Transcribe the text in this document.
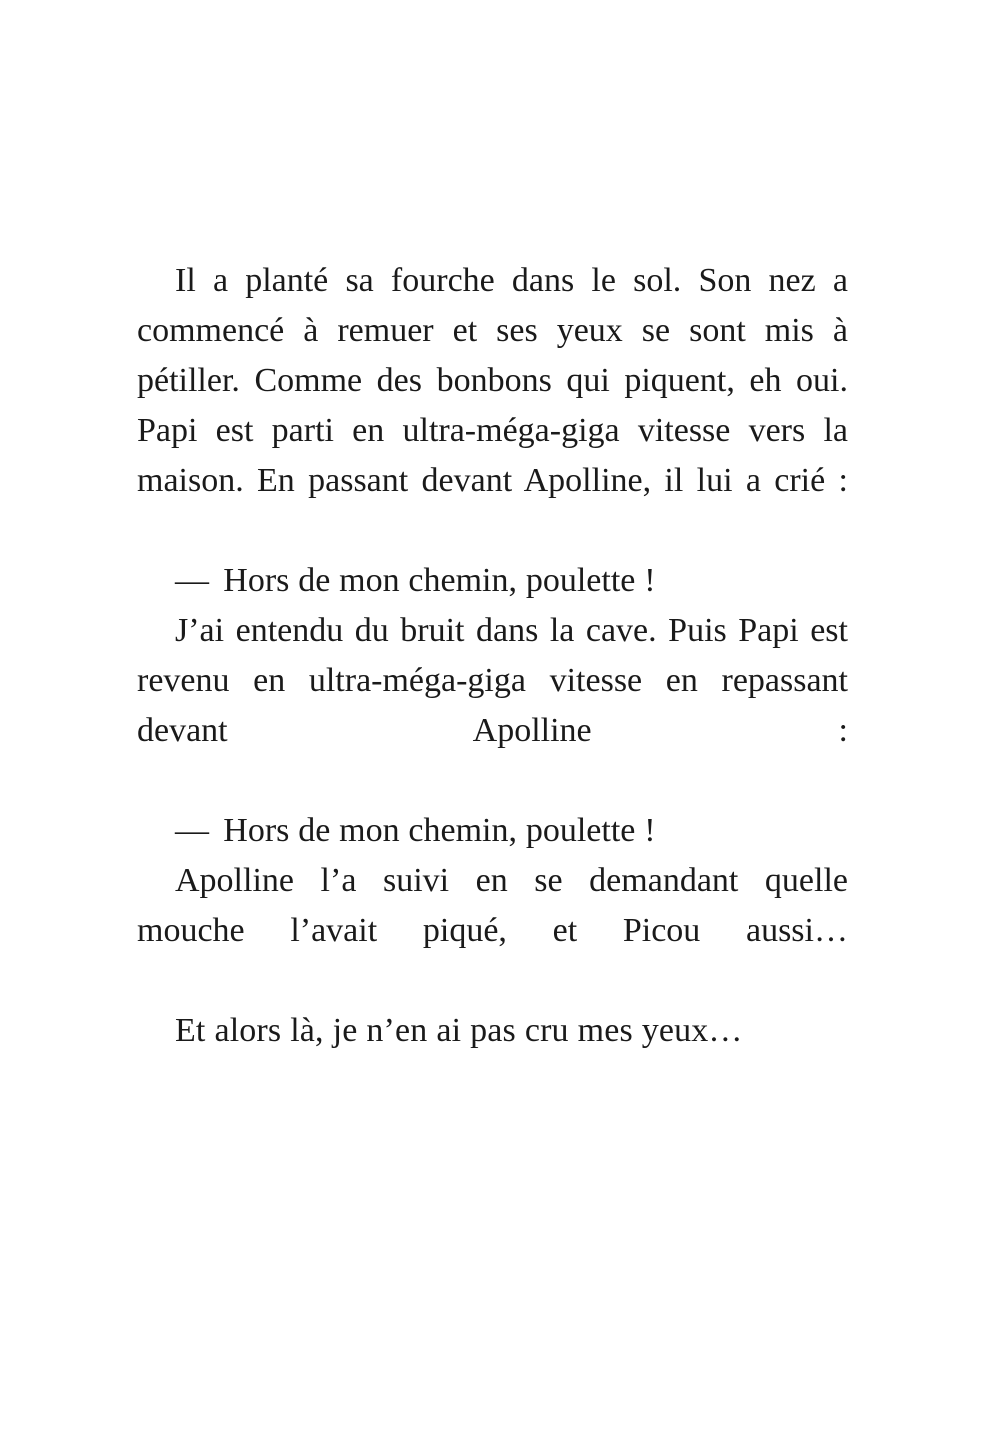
Il a planté sa fourche dans le sol. Son nez a commencé à remuer et ses yeux se sont mis à pétiller. Comme des bonbons qui piquent, eh oui. Papi est parti en ultra-méga-giga vitesse vers la maison. En passant devant Apolline, il lui a crié :

— Hors de mon chemin, poulette !

J’ai entendu du bruit dans la cave. Puis Papi est revenu en ultra-méga-giga vitesse en repassant devant Apolline :

— Hors de mon chemin, poulette !

Apolline l’a suivi en se demandant quelle mouche l’avait piqué, et Picou aussi…

Et alors là, je n’en ai pas cru mes yeux…
